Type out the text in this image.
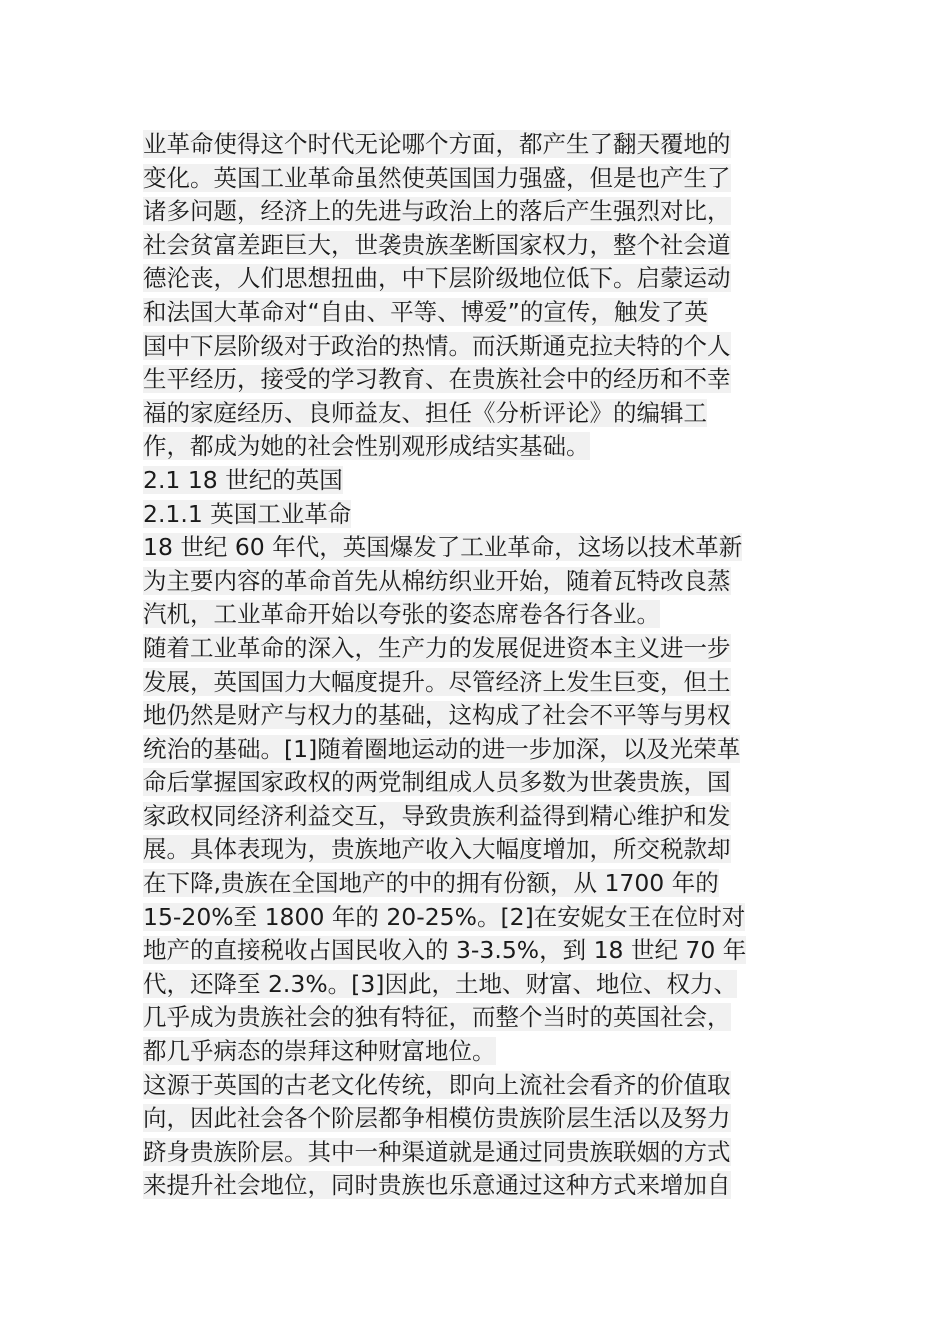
业革命使得这个时代无论哪个方面，都产生了翻天覆地的
变化。英国工业革命虽然使英国国力强盛，但是也产生了
诸多问题，经济上的先进与政治上的落后产生强烈对比，
社会贫富差距巨大，世袭贵族垄断国家权力，整个社会道
德沦丧，人们思想扭曲，中下层阶级地位低下。启蒙运动
和法国大革命对“自由、平等、博爱”的宣传，触发了英
国中下层阶级对于政治的热情。而沃斯通克拉夫特的个人
生平经历，接受的学习教育、在贵族社会中的经历和不幸
福的家庭经历、良师益友、担任《分析评论》的编辑工
作，都成为她的社会性别观形成结实基础。
2.1 18 世纪的英国
2.1.1 英国工业革命
18 世纪 60 年代，英国爆发了工业革命，这场以技术革新
为主要内容的革命首先从棉纺织业开始，随着瓦特改良蒸
汽机，工业革命开始以夸张的姿态席卷各行各业。
随着工业革命的深入，生产力的发展促进资本主义进一步
发展，英国国力大幅度提升。尽管经济上发生巨变，但土
地仍然是财产与权力的基础，这构成了社会不平等与男权
统治的基础。[1]随着圈地运动的进一步加深，以及光荣革
命后掌握国家政权的两党制组成人员多数为世袭贵族，国
家政权同经济利益交互，导致贵族利益得到精心维护和发
展。具体表现为，贵族地产收入大幅度增加，所交税款却
在下降,贵族在全国地产的中的拥有份额，从 1700 年的
15-20%至 1800 年的 20-25%。[2]在安妮女王在位时对
地产的直接税收占国民收入的 3-3.5%，到 18 世纪 70 年
代，还降至 2.3%。[3]因此，土地、财富、地位、权力、
几乎成为贵族社会的独有特征，而整个当时的英国社会，
都几乎病态的崇拜这种财富地位。
这源于英国的古老文化传统，即向上流社会看齐的价值取
向，因此社会各个阶层都争相模仿贵族阶层生活以及努力
跻身贵族阶层。其中一种渠道就是通过同贵族联姻的方式
来提升社会地位，同时贵族也乐意通过这种方式来增加自
